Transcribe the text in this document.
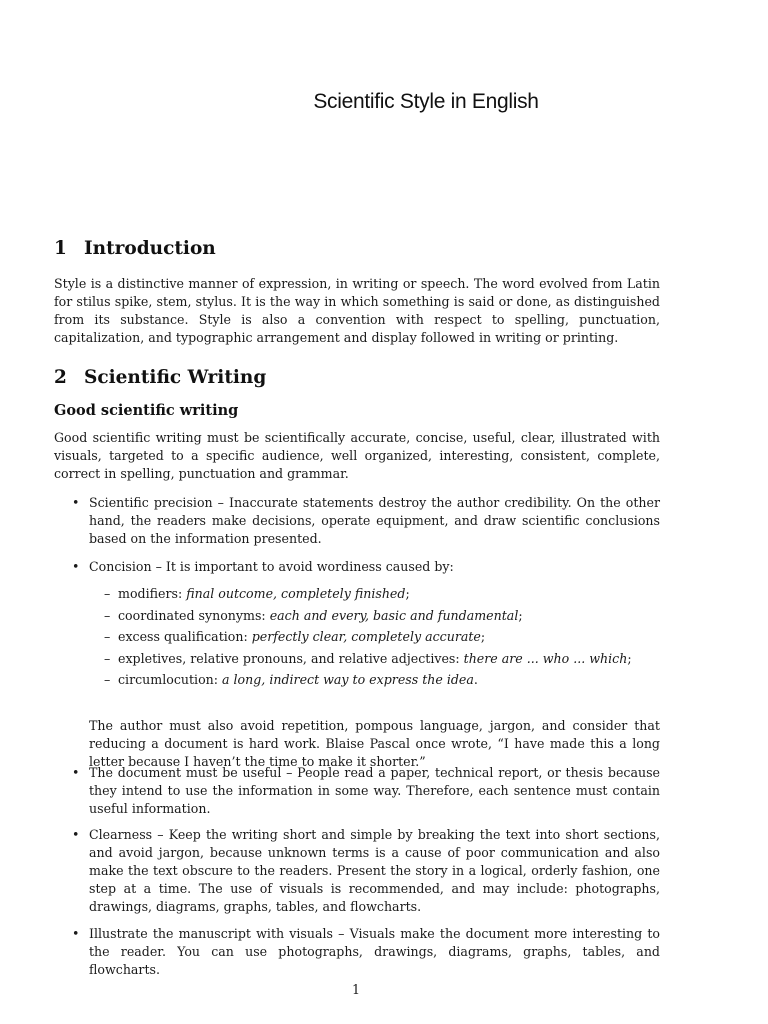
Scientific Style in English
1 Introduction

Style is a distinctive manner of expression, in writing or speech. The word evolved from Latin for stilus spike, stem, stylus. It is the way in which something is said or done, as distinguished from its substance. Style is also a convention with respect to spelling, punctuation, capitalization, and typographic arrangement and display followed in writing or printing.

2 Scientific Writing
Good scientific writing

Good scientific writing must be scientifically accurate, concise, useful, clear, illustrated with visuals, targeted to a specific audience, well organized, interesting, consistent, complete, correct in spelling, punctuation and grammar.

• Scientific precision – Inaccurate statements destroy the author credibility. On the other hand, the readers make decisions, operate equipment, and draw scientific conclusions based on the information presented.
• Concision – It is important to avoid wordiness caused by:
– modifiers: final outcome, completely finished;
– coordinated synonyms: each and every, basic and fundamental;
– excess qualification: perfectly clear, completely accurate;
– expletives, relative pronouns, and relative adjectives: there are ... who ... which;
– circumlocution: a long, indirect way to express the idea.

The author must also avoid repetition, pompous language, jargon, and consider that reducing a document is hard work. Blaise Pascal once wrote, “I have made this a long letter because I haven’t the time to make it shorter.”

• The document must be useful – People read a paper, technical report, or thesis because they intend to use the information in some way. Therefore, each sentence must contain useful information.
• Clearness – Keep the writing short and simple by breaking the text into short sections, and avoid jargon, because unknown terms is a cause of poor communication and also make the text obscure to the readers. Present the story in a logical, orderly fashion, one step at a time. The use of visuals is recommended, and may include: photographs, drawings, diagrams, graphs, tables, and flowcharts.
• Illustrate the manuscript with visuals – Visuals make the document more interesting to the reader. You can use photographs, drawings, diagrams, graphs, tables, and flowcharts.
1
